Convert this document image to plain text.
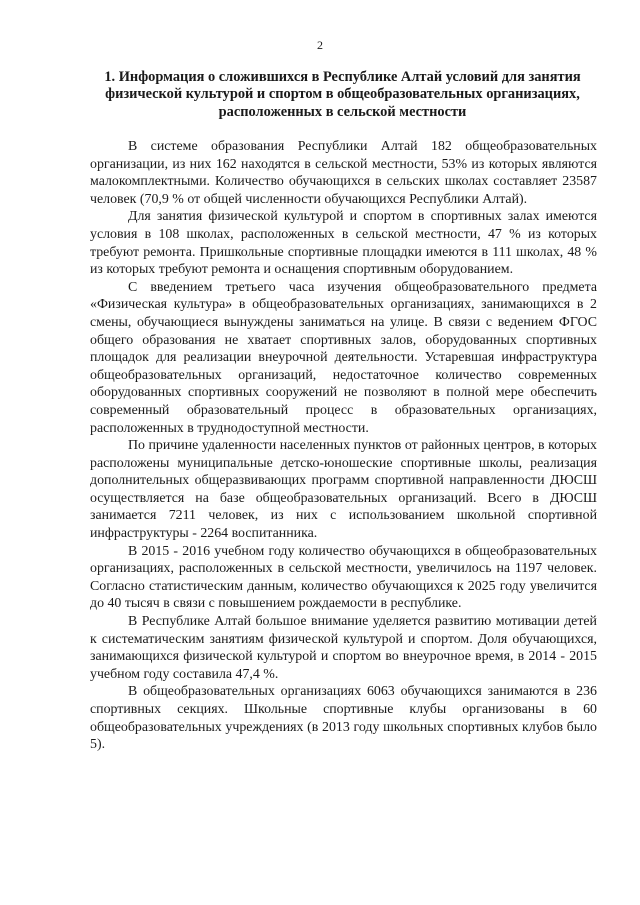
2
1. Информация о сложившихся в Республике Алтай условий для занятия физической культурой и спортом в общеобразовательных организациях, расположенных в сельской местности

В системе образования Республики Алтай 182 общеобразовательных организации, из них 162 находятся в сельской местности, 53% из которых являются малокомплектными. Количество обучающихся в сельских школах составляет 23587 человек (70,9 % от общей численности обучающихся Республики Алтай).

Для занятия физической культурой и спортом в спортивных залах имеются условия в 108 школах, расположенных в сельской местности, 47 % из которых требуют ремонта. Пришкольные спортивные площадки имеются в 111 школах, 48 % из которых требуют ремонта и оснащения спортивным оборудованием.

С введением третьего часа изучения общеобразовательного предмета «Физическая культура» в общеобразовательных организациях, занимающихся в 2 смены, обучающиеся вынуждены заниматься на улице. В связи с ведением ФГОС общего образования не хватает спортивных залов, оборудованных спортивных площадок для реализации внеурочной деятельности. Устаревшая инфраструктура общеобразовательных организаций, недостаточное количество современных оборудованных спортивных сооружений не позволяют в полной мере обеспечить современный образовательный процесс в образовательных организациях, расположенных в труднодоступной местности.

По причине удаленности населенных пунктов от районных центров, в которых расположены муниципальные детско-юношеские спортивные школы, реализация дополнительных общеразвивающих программ спортивной направленности ДЮСШ осуществляется на базе общеобразовательных организаций. Всего в ДЮСШ занимается 7211 человек, из них с использованием школьной спортивной инфраструктуры - 2264 воспитанника.

В 2015 - 2016 учебном году количество обучающихся в общеобразовательных организациях, расположенных в сельской местности, увеличилось на 1197 человек. Согласно статистическим данным, количество обучающихся к 2025 году увеличится до 40 тысяч в связи с повышением рождаемости в республике.

В Республике Алтай большое внимание уделяется развитию мотивации детей к систематическим занятиям физической культурой и спортом. Доля обучающихся, занимающихся физической культурой и спортом во внеурочное время, в 2014 - 2015 учебном году составила 47,4 %.

В общеобразовательных организациях 6063 обучающихся занимаются в 236 спортивных секциях. Школьные спортивные клубы организованы в 60 общеобразовательных учреждениях (в 2013 году школьных спортивных клубов было 5).
